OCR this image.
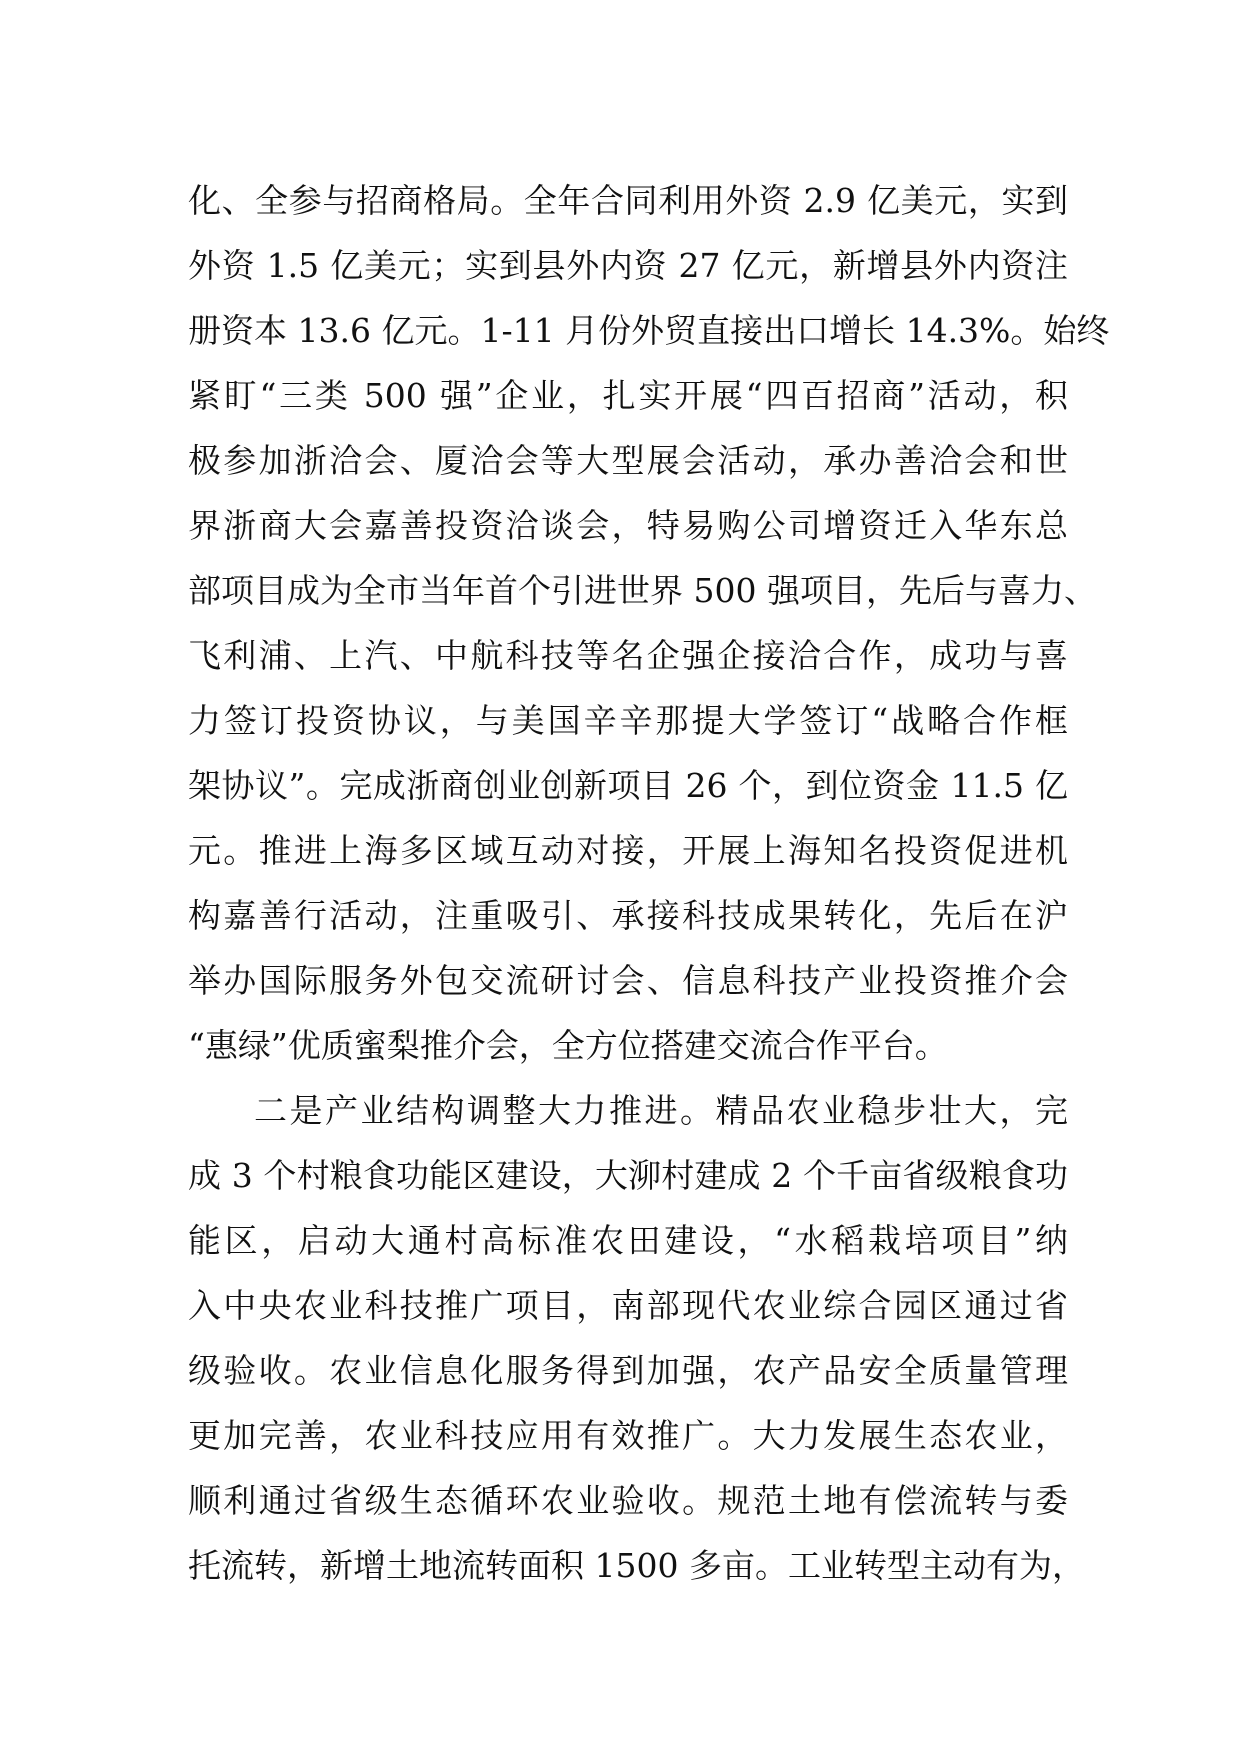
化、全参与招商格局。全年合同利用外资 2.9 亿美元，实到
外资 1.5 亿美元；实到县外内资 27 亿元，新增县外内资注
册资本 13.6 亿元。1-11 月份外贸直接出口增长 14.3%。始终
紧盯“三类 500 强”企业，扎实开展“四百招商”活动，积
极参加浙洽会、厦洽会等大型展会活动，承办善洽会和世
界浙商大会嘉善投资洽谈会，特易购公司增资迁入华东总
部项目成为全市当年首个引进世界 500 强项目，先后与喜力、
飞利浦、上汽、中航科技等名企强企接洽合作，成功与喜
力签订投资协议，与美国辛辛那提大学签订“战略合作框
架协议”。完成浙商创业创新项目 26 个，到位资金 11.5 亿
元。推进上海多区域互动对接，开展上海知名投资促进机
构嘉善行活动，注重吸引、承接科技成果转化，先后在沪
举办国际服务外包交流研讨会、信息科技产业投资推介会
“惠绿”优质蜜梨推介会，全方位搭建交流合作平台。
二是产业结构调整大力推进。精品农业稳步壮大，完
成 3 个村粮食功能区建设，大泖村建成 2 个千亩省级粮食功
能区，启动大通村高标准农田建设，“水稻栽培项目”纳
入中央农业科技推广项目，南部现代农业综合园区通过省
级验收。农业信息化服务得到加强，农产品安全质量管理
更加完善，农业科技应用有效推广。大力发展生态农业，
顺利通过省级生态循环农业验收。规范土地有偿流转与委
托流转，新增土地流转面积 1500 多亩。工业转型主动有为，
